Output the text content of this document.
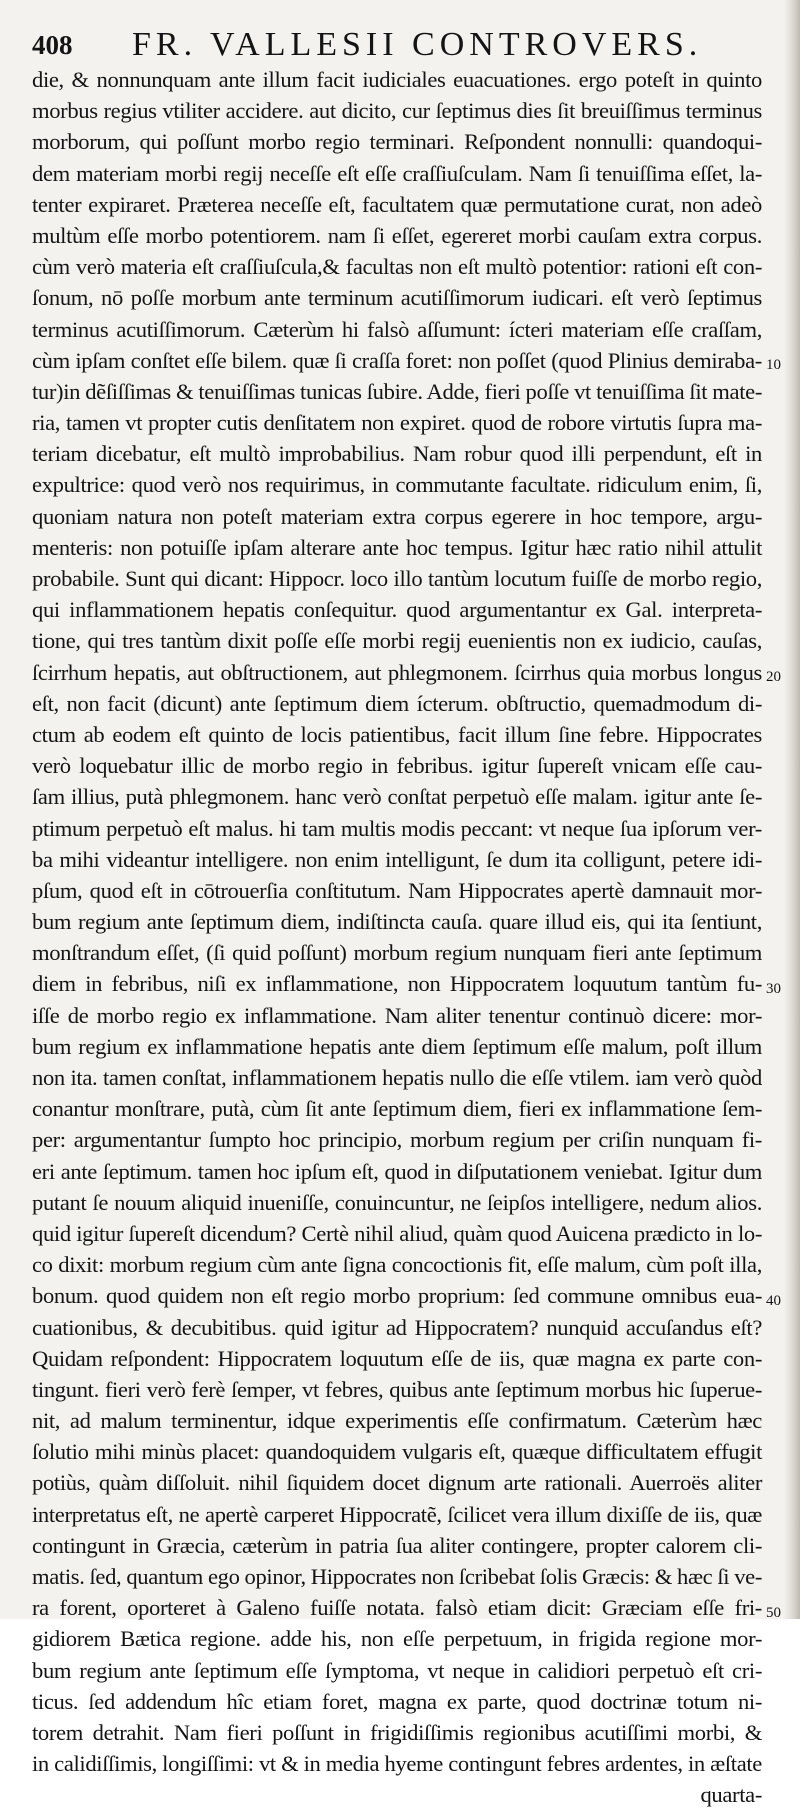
408 FR. VALLESII CONTROVERS.
die, & nonnunquam ante illum facit iudiciales euacuationes. ergo poteſt in quinto
morbus regius vtiliter accidere. aut dicito, cur ſeptimus dies ſit breuiſſimus terminus
morborum, qui poſſunt morbo regio terminari. Reſpondent nonnulli: quandoqui-
dem materiam morbi regij neceſſe eſt eſſe craſſiuſculam. Nam ſi tenuiſſima eſſet, la-
tenter expiraret. Præterea neceſſe eſt, facultatem quæ permutatione curat, non adeò
multùm eſſe morbo potentiorem. nam ſi eſſet, egereret morbi cauſam extra corpus.
cùm verò materia eſt craſſiuſcula,& facultas non eſt multò potentior: rationi eſt con-
ſonum, nō poſſe morbum ante terminum acutiſſimorum iudicari. eſt verò ſeptimus
terminus acutiſſimorum. Cæterùm hi falsò aſſumunt: ícteri materiam eſſe craſſam,
cùm ipſam conſtet eſſe bilem. quæ ſi craſſa foret: non poſſet (quod Plinius demiraba-
tur)in dẽſiſſimas & tenuiſſimas tunicas ſubire. Adde, fieri poſſe vt tenuiſſima ſit mate-
ria, tamen vt propter cutis denſitatem non expiret. quod de robore virtutis ſupra ma-
teriam dicebatur, eſt multò improbabilius. Nam robur quod illi perpendunt, eſt in
expultrice: quod verò nos requirimus, in commutante facultate. ridiculum enim, ſi,
quoniam natura non poteſt materiam extra corpus egerere in hoc tempore, argu-
menteris: non potuiſſe ipſam alterare ante hoc tempus. Igitur hæc ratio nihil attulit
probabile. Sunt qui dicant: Hippocr. loco illo tantùm locutum fuiſſe de morbo regio,
qui inflammationem hepatis conſequitur. quod argumentantur ex Gal. interpreta-
tione, qui tres tantùm dixit poſſe eſſe morbi regij euenientis non ex iudicio, cauſas,
ſcirrhum hepatis, aut obſtructionem, aut phlegmonem. ſcirrhus quia morbus longus
eſt, non facit (dicunt) ante ſeptimum diem ícterum. obſtructio, quemadmodum di-
ctum ab eodem eſt quinto de locis patientibus, facit illum ſine febre. Hippocrates
verò loquebatur illic de morbo regio in febribus. igitur ſupereſt vnicam eſſe cau-
ſam illius, putà phlegmonem. hanc verò conſtat perpetuò eſſe malam. igitur ante ſe-
ptimum perpetuò eſt malus. hi tam multis modis peccant: vt neque ſua ipſorum ver-
ba mihi videantur intelligere. non enim intelligunt, ſe dum ita colligunt, petere idi-
pſum, quod eſt in cōtrouerſia conſtitutum. Nam Hippocrates apertè damnauit mor-
bum regium ante ſeptimum diem, indiſtincta cauſa. quare illud eis, qui ita ſentiunt,
monſtrandum eſſet, (ſi quid poſſunt) morbum regium nunquam fieri ante ſeptimum
diem in febribus, niſi ex inflammatione, non Hippocratem loquutum tantùm fu-
iſſe de morbo regio ex inflammatione. Nam aliter tenentur continuò dicere: mor-
bum regium ex inflammatione hepatis ante diem ſeptimum eſſe malum, poſt illum
non ita. tamen conſtat, inflammationem hepatis nullo die eſſe vtilem. iam verò quòd
conantur monſtrare, putà, cùm ſit ante ſeptimum diem, fieri ex inflammatione ſem-
per: argumentantur ſumpto hoc principio, morbum regium per criſin nunquam fi-
eri ante ſeptimum. tamen hoc ipſum eſt, quod in diſputationem veniebat. Igitur dum
putant ſe nouum aliquid inueniſſe, conuincuntur, ne ſeipſos intelligere, nedum alios.
quid igitur ſupereſt dicendum? Certè nihil aliud, quàm quod Auicena prædicto in lo-
co dixit: morbum regium cùm ante ſigna concoctionis fit, eſſe malum, cùm poſt illa,
bonum. quod quidem non eſt regio morbo proprium: ſed commune omnibus eua-
cuationibus, & decubitibus. quid igitur ad Hippocratem? nunquid accuſandus eſt?
Quidam reſpondent: Hippocratem loquutum eſſe de iis, quæ magna ex parte con-
tingunt. fieri verò ferè ſemper, vt febres, quibus ante ſeptimum morbus hic ſuperue-
nit, ad malum terminentur, idque experimentis eſſe confirmatum. Cæterùm hæc
ſolutio mihi minùs placet: quandoquidem vulgaris eſt, quæque difficultatem effugit
potiùs, quàm diſſoluit. nihil ſiquidem docet dignum arte rationali. Auerroës aliter
interpretatus eſt, ne apertè carperet Hippocratẽ, ſcilicet vera illum dixiſſe de iis, quæ
contingunt in Græcia, cæterùm in patria ſua aliter contingere, propter calorem cli-
matis. ſed, quantum ego opinor, Hippocrates non ſcribebat ſolis Græcis: & hæc ſi ve-
ra forent, oporteret à Galeno fuiſſe notata. falsò etiam dicit: Græciam eſſe fri-
gidiorem Bætica regione. adde his, non eſſe perpetuum, in frigida regione mor-
bum regium ante ſeptimum eſſe ſymptoma, vt neque in calidiori perpetuò eſt cri-
ticus. ſed addendum hîc etiam foret, magna ex parte, quod doctrinæ totum ni-
torem detrahit. Nam fieri poſſunt in frigidiſſimis regionibus acutiſſimi morbi, &
in calidiſſimis, longiſſimi: vt & in media hyeme contingunt febres ardentes, in æſtate
quarta-
10
20
30
40
50
